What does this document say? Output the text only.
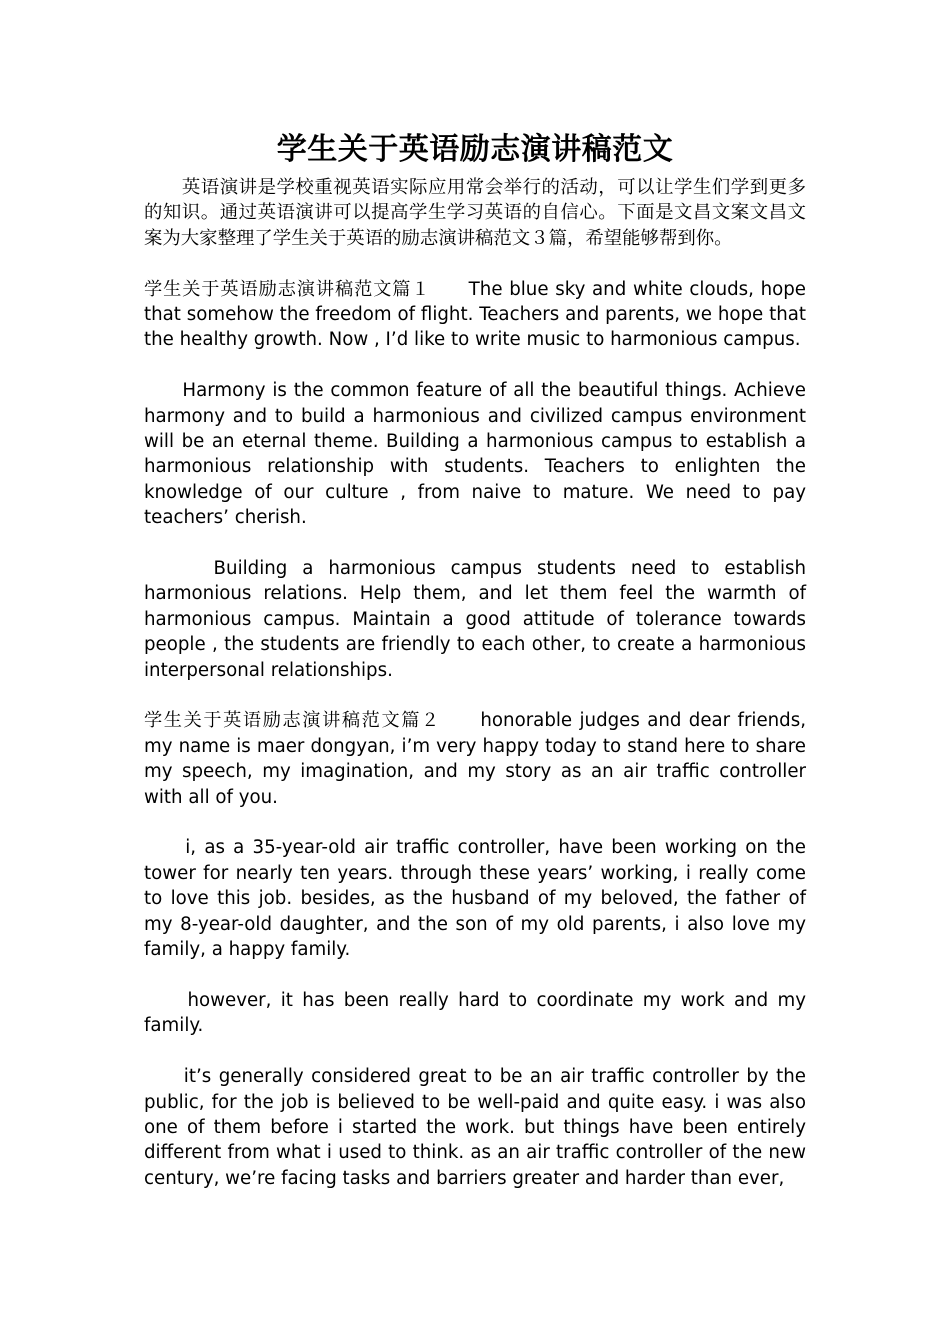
学生关于英语励志演讲稿范文

　　英语演讲是学校重视英语实际应用常会举行的活动，可以让学生们学到更多的知识。通过英语演讲可以提高学生学习英语的自信心。下面是文昌文案文昌文案为大家整理了学生关于英语的励志演讲稿范文３篇，希望能够帮到你。

学生关于英语励志演讲稿范文篇１　　The blue sky and white clouds, hope that somehow the freedom of flight. Teachers and parents, we hope that the healthy growth. Now , I’d like to write music to harmonious campus.

　　Harmony is the common feature of all the beautiful things. Achieve harmony and to build a harmonious and civilized campus environment will be an eternal theme. Building a harmonious campus to establish a harmonious relationship with students. Teachers to enlighten the knowledge of our culture , from naive to mature. We need to pay teachers’ cherish.

　　 Building a harmonious campus students need to establish harmonious relations. Help them, and let them feel the warmth of harmonious campus. Maintain a good attitude of tolerance towards people , the students are friendly to each other, to create a harmonious interpersonal relationships.

学生关于英语励志演讲稿范文篇２　　honorable judges and dear friends, my name is maer dongyan, i’m very happy today to stand here to share my speech, my imagination, and my story as an air traffic controller with all of you.

　　i, as a 35-year-old air traffic controller, have been working on the tower for nearly ten years. through these years’ working, i really come to love this job. besides, as the husband of my beloved, the father of my 8-year-old daughter, and the son of my old parents, i also love my family, a happy family.

　　however, it has been really hard to coordinate my work and my family.

　　it’s generally considered great to be an air traffic controller by the public, for the job is believed to be well-paid and quite easy. i was also one of them before i started the work. but things have been entirely different from what i used to think. as an air traffic controller of the new century, we’re facing tasks and barriers greater and harder than ever,
